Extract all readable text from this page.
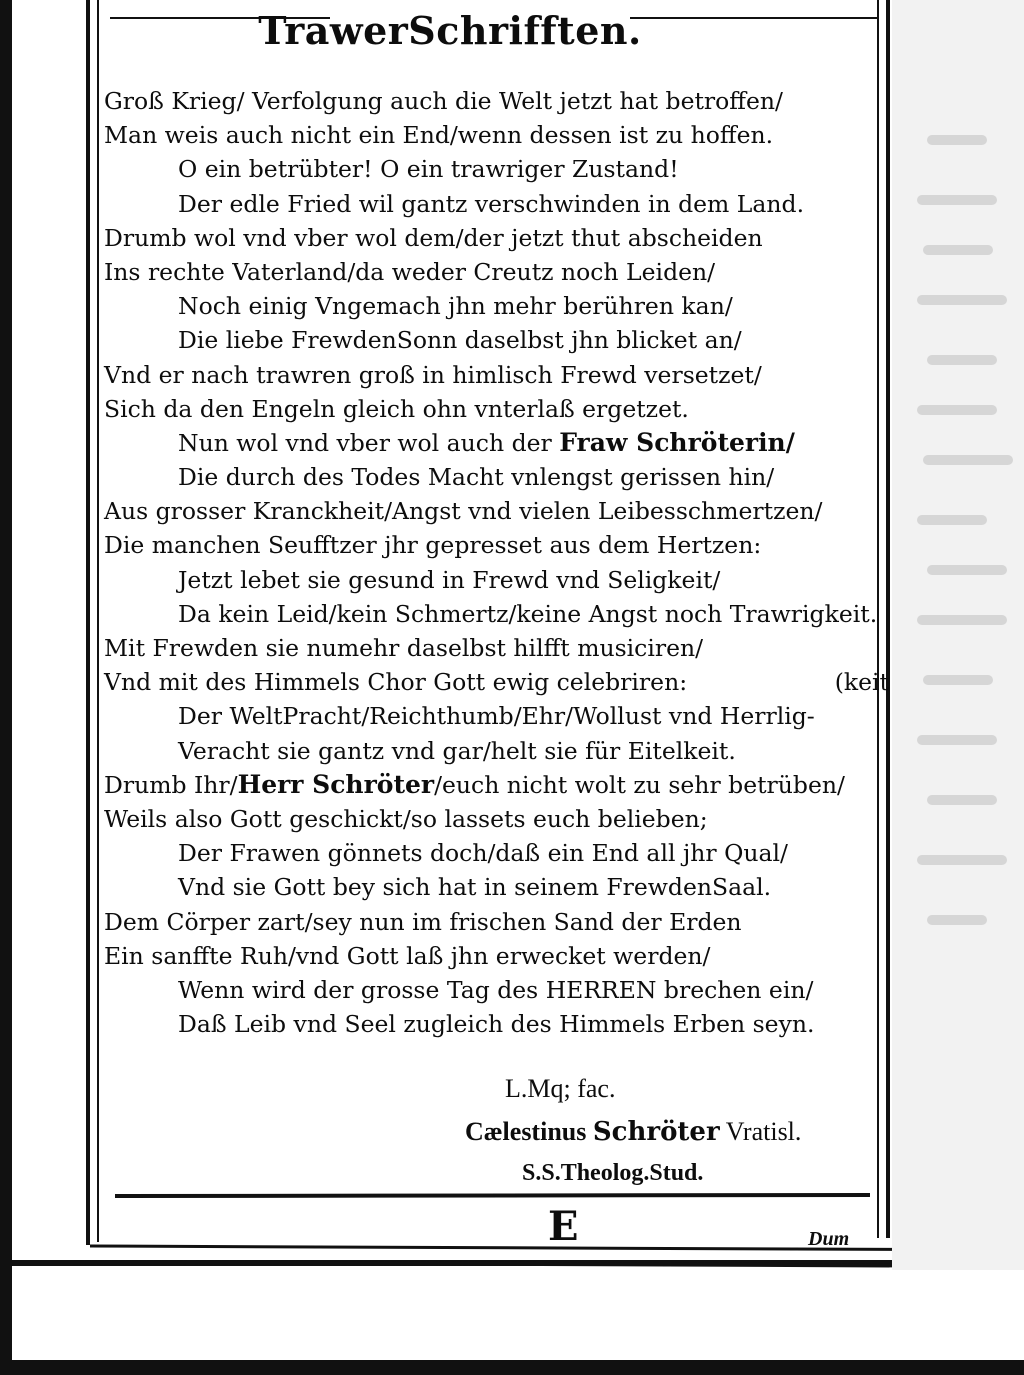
TrawerSchrifften.
Groß Krieg/ Verfolgung auch die Welt jetzt hat betroffen/
Man weis auch nicht ein End/wenn dessen ist zu hoffen.
O ein betrübter! O ein trawriger Zustand!
Der edle Fried wil gantz verschwinden in dem Land.
Drumb wol vnd vber wol dem/der jetzt thut abscheiden
Ins rechte Vaterland/da weder Creutz noch Leiden/
Noch einig Vngemach jhn mehr berühren kan/
Die liebe FrewdenSonn daselbst jhn blicket an/
Vnd er nach trawren groß in himlisch Frewd versetzet/
Sich da den Engeln gleich ohn vnterlaß ergetzet.
Nun wol vnd vber wol auch der Fraw Schröterin/
Die durch des Todes Macht vnlengst gerissen hin/
Aus grosser Kranckheit/Angst vnd vielen Leibesschmertzen/
Die manchen Seufftzer jhr gepresset aus dem Hertzen:
Jetzt lebet sie gesund in Frewd vnd Seligkeit/
Da kein Leid/kein Schmertz/keine Angst noch Trawrigkeit.
Mit Frewden sie numehr daselbst hilfft musiciren/
Vnd mit des Himmels Chor Gott ewig celebriren:	(keit
Der WeltPracht/Reichthumb/Ehr/Wollust vnd Herrlig-
Veracht sie gantz vnd gar/helt sie für Eitelkeit.
Drumb Ihr/Herr Schröter/euch nicht wolt zu sehr betrüben/
Weils also Gott geschickt/so lassets euch belieben;
Der Frawen gönnets doch/daß ein End all jhr Qual/
Vnd sie Gott bey sich hat in seinem FrewdenSaal.
Dem Cörper zart/sey nun im frischen Sand der Erden
Ein sanffte Ruh/vnd Gott laß jhn erwecket werden/
Wenn wird der grosse Tag des HERREN brechen ein/
Daß Leib vnd Seel zugleich des Himmels Erben seyn.
L.Mq; fac.
Cælestinus Schröter Vratisl.
S.S.Theolog.Stud.
E	Dum
